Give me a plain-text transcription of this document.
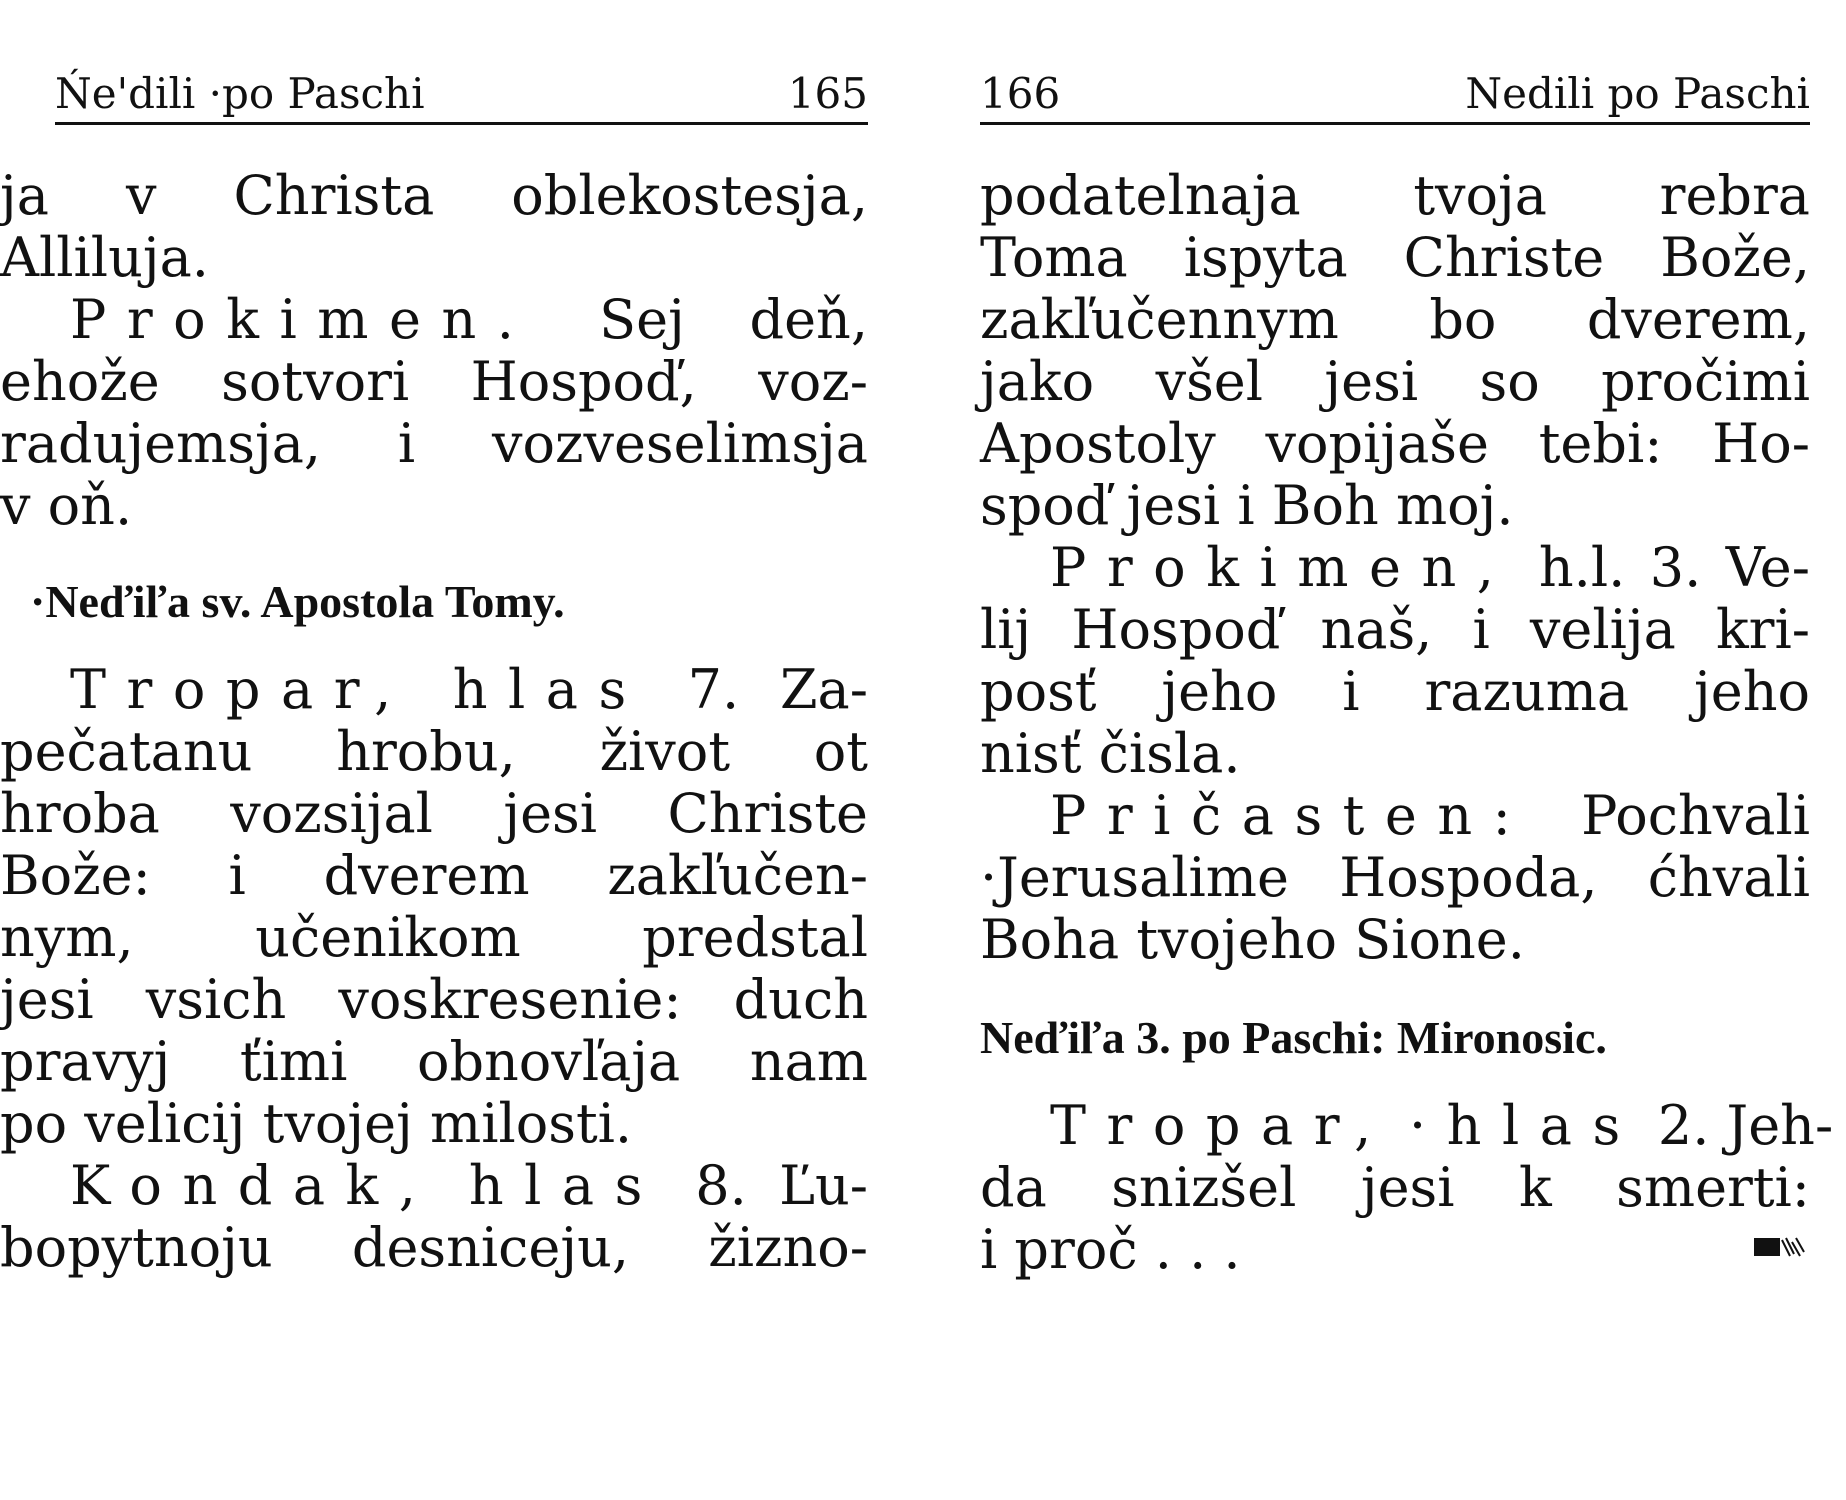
Ńe'dili ·po Paschi	165
ja v Christa oblekostesja,
Alliluja.
Prokimen. Sej deň,
ehože sotvori Hospoď, voz-
radujemsja, i vozveselimsja
v oň.
·Neďiľa sv. Apostola Tomy.
Tropar, hlas 7. Za-
pečatanu hrobu, život ot
hroba vozsijal jesi Christe
Bože: i dverem zakľučen-
nym, učenikom predstal
jesi vsich voskresenie: duch
pravyj ťimi obnovľaja nam
po velicij tvojej milosti.
Kondak, hlas 8. Ľu-
bopytnoju desniceju, žizno-
166	Nedili po Paschi
podatelnaja tvoja rebra
Toma ispyta Christe Bože,
zakľučennym bo dverem,
jako všel jesi so pročimi
Apostoly vopijaše tebi: Ho-
spoď jesi i Boh moj.
Prokimen, h.l. 3. Ve-
lij Hospoď naš, i velija kri-
posť jeho i razuma jeho
nisť čisla.
Pričasten: Pochvali
·Jerusalime Hospoda, ćhvali
Boha tvojeho Sione.
Neďiľa 3. po Paschi: Mironosic.
Tropar, ·hlas 2. Jeh-
da snizšel jesi k smerti:
i proč . . .
